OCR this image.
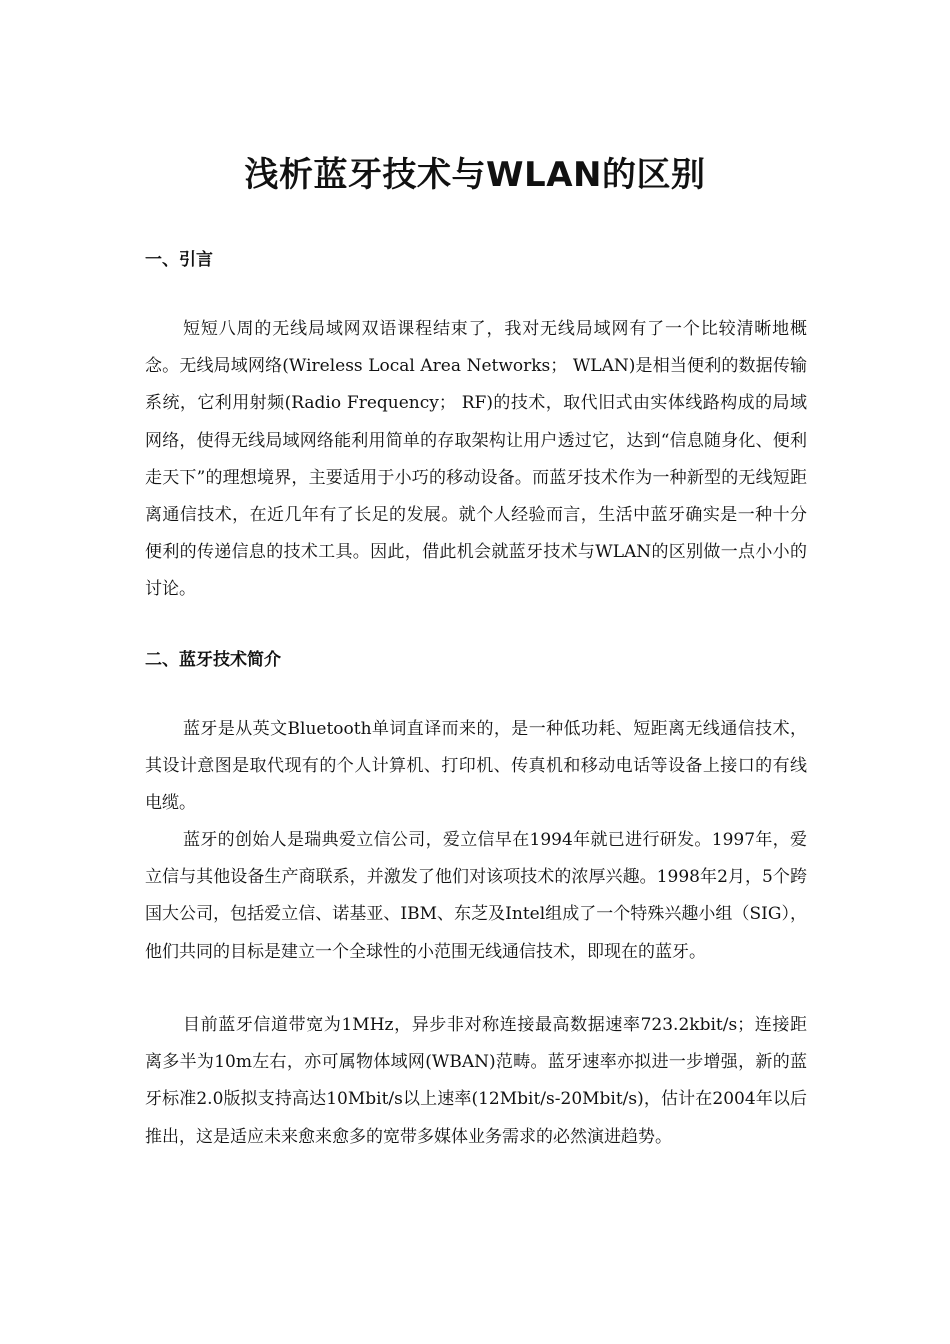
浅析蓝牙技术与WLAN的区别
一、引言

短短八周的无线局域网双语课程结束了，我对无线局域网有了一个比较清晰地概念。无线局域网络(Wireless Local Area Networks； WLAN)是相当便利的数据传输系统，它利用射频(Radio Frequency； RF)的技术，取代旧式由实体线路构成的局域网络，使得无线局域网络能利用简单的存取架构让用户透过它，达到“信息随身化、便利走天下”的理想境界，主要适用于小巧的移动设备。而蓝牙技术作为一种新型的无线短距离通信技术，在近几年有了长足的发展。就个人经验而言，生活中蓝牙确实是一种十分便利的传递信息的技术工具。因此，借此机会就蓝牙技术与WLAN的区别做一点小小的讨论。

二、蓝牙技术简介

蓝牙是从英文Bluetooth单词直译而来的，是一种低功耗、短距离无线通信技术，其设计意图是取代现有的个人计算机、打印机、传真机和移动电话等设备上接口的有线电缆。

蓝牙的创始人是瑞典爱立信公司，爱立信早在1994年就已进行研发。1997年，爱立信与其他设备生产商联系，并激发了他们对该项技术的浓厚兴趣。1998年2月，5个跨国大公司，包括爱立信、诺基亚、IBM、东芝及Intel组成了一个特殊兴趣小组（SIG），他们共同的目标是建立一个全球性的小范围无线通信技术，即现在的蓝牙。

目前蓝牙信道带宽为1MHz，异步非对称连接最高数据速率723.2kbit/s；连接距离多半为10m左右，亦可属物体域网(WBAN)范畴。蓝牙速率亦拟进一步增强，新的蓝牙标准2.0版拟支持高达10Mbit/s以上速率(12Mbit/s-20Mbit/s)，估计在2004年以后推出，这是适应未来愈来愈多的宽带多媒体业务需求的必然演进趋势。
